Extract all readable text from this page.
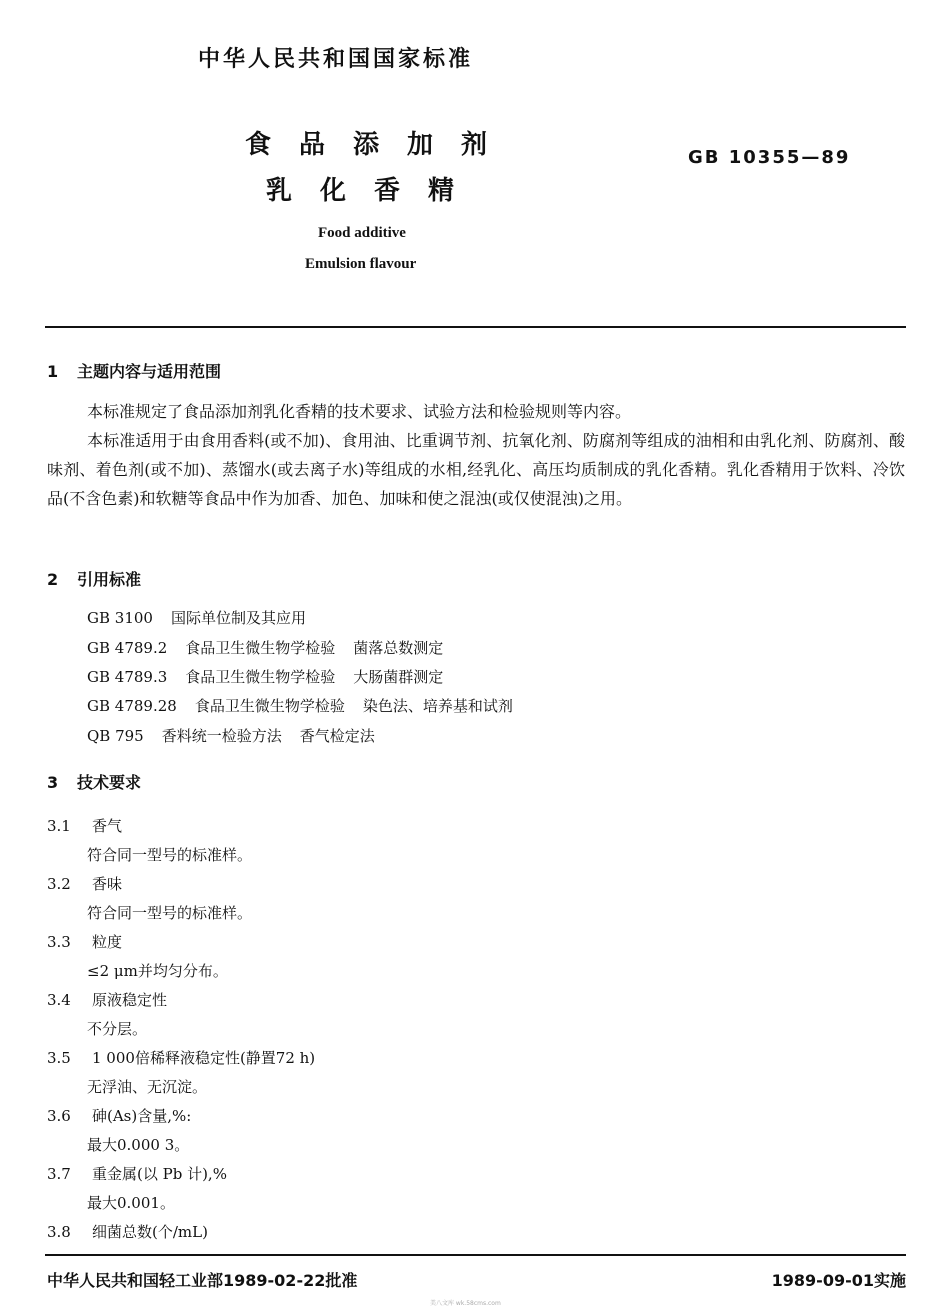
中华人民共和国国家标准
食品添加剂
乳化香精
GB 10355—89
Food additive
Emulsion flavour
1 主题内容与适用范围
本标准规定了食品添加剂乳化香精的技术要求、试验方法和检验规则等内容。
本标准适用于由食用香料(或不加)、食用油、比重调节剂、抗氧化剂、防腐剂等组成的油相和由乳化剂、防腐剂、酸味剂、着色剂(或不加)、蒸馏水(或去离子水)等组成的水相,经乳化、高压均质制成的乳化香精。乳化香精用于饮料、冷饮品(不含色素)和软糖等食品中作为加香、加色、加味和使之混浊(或仅使混浊)之用。
2 引用标准
GB 3100 国际单位制及其应用
GB 4789.2 食品卫生微生物学检验 菌落总数测定
GB 4789.3 食品卫生微生物学检验 大肠菌群测定
GB 4789.28 食品卫生微生物学检验 染色法、培养基和试剂
QB 795 香料统一检验方法 香气检定法
3 技术要求
3.1 香气
符合同一型号的标准样。
3.2 香味
符合同一型号的标准样。
3.3 粒度
≤2 μm并均匀分布。
3.4 原液稳定性
不分层。
3.5 1 000倍稀释液稳定性(静置72 h)
无浮油、无沉淀。
3.6 砷(As)含量,%:
最大0.000 3。
3.7 重金属(以 Pb 计),%
最大0.001。
3.8 细菌总数(个/mL)
中华人民共和国轻工业部1989-02-22批准	1989-09-01实施
美八文库 wk.58cms.com
